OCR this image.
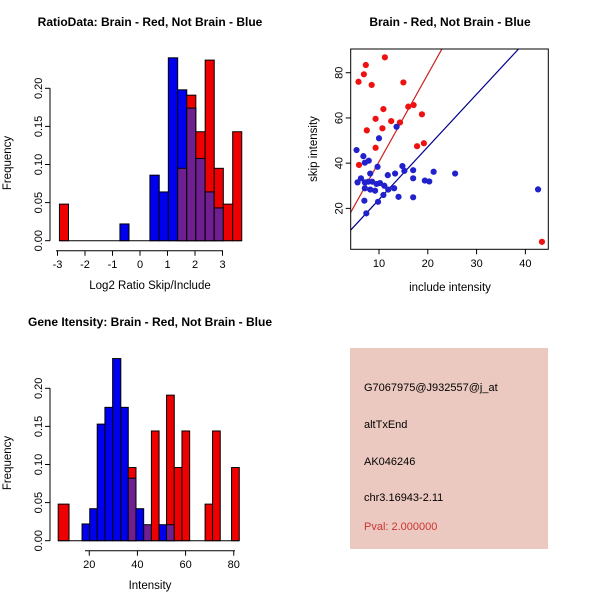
0.00
0.05
0.10
0.15
0.20
-3 -2 -1 0 1 2 3
RatioData: Brain - Red, Not Brain - Blue
Frequency
Log2 Ratio Skip/Include
10	20	30	40
20
40
60
80
Brain - Red, Not Brain - Blue
skip intensity
include intensity
0.00
0.05
0.10
0.15
0.20
20	40	60	80
Gene Itensity: Brain - Red, Not Brain - Blue
Frequency
Intensity
G7067975@J932557@j_at
altTxEnd
AK046246
chr3.16943-2.11
Pval: 2.000000
